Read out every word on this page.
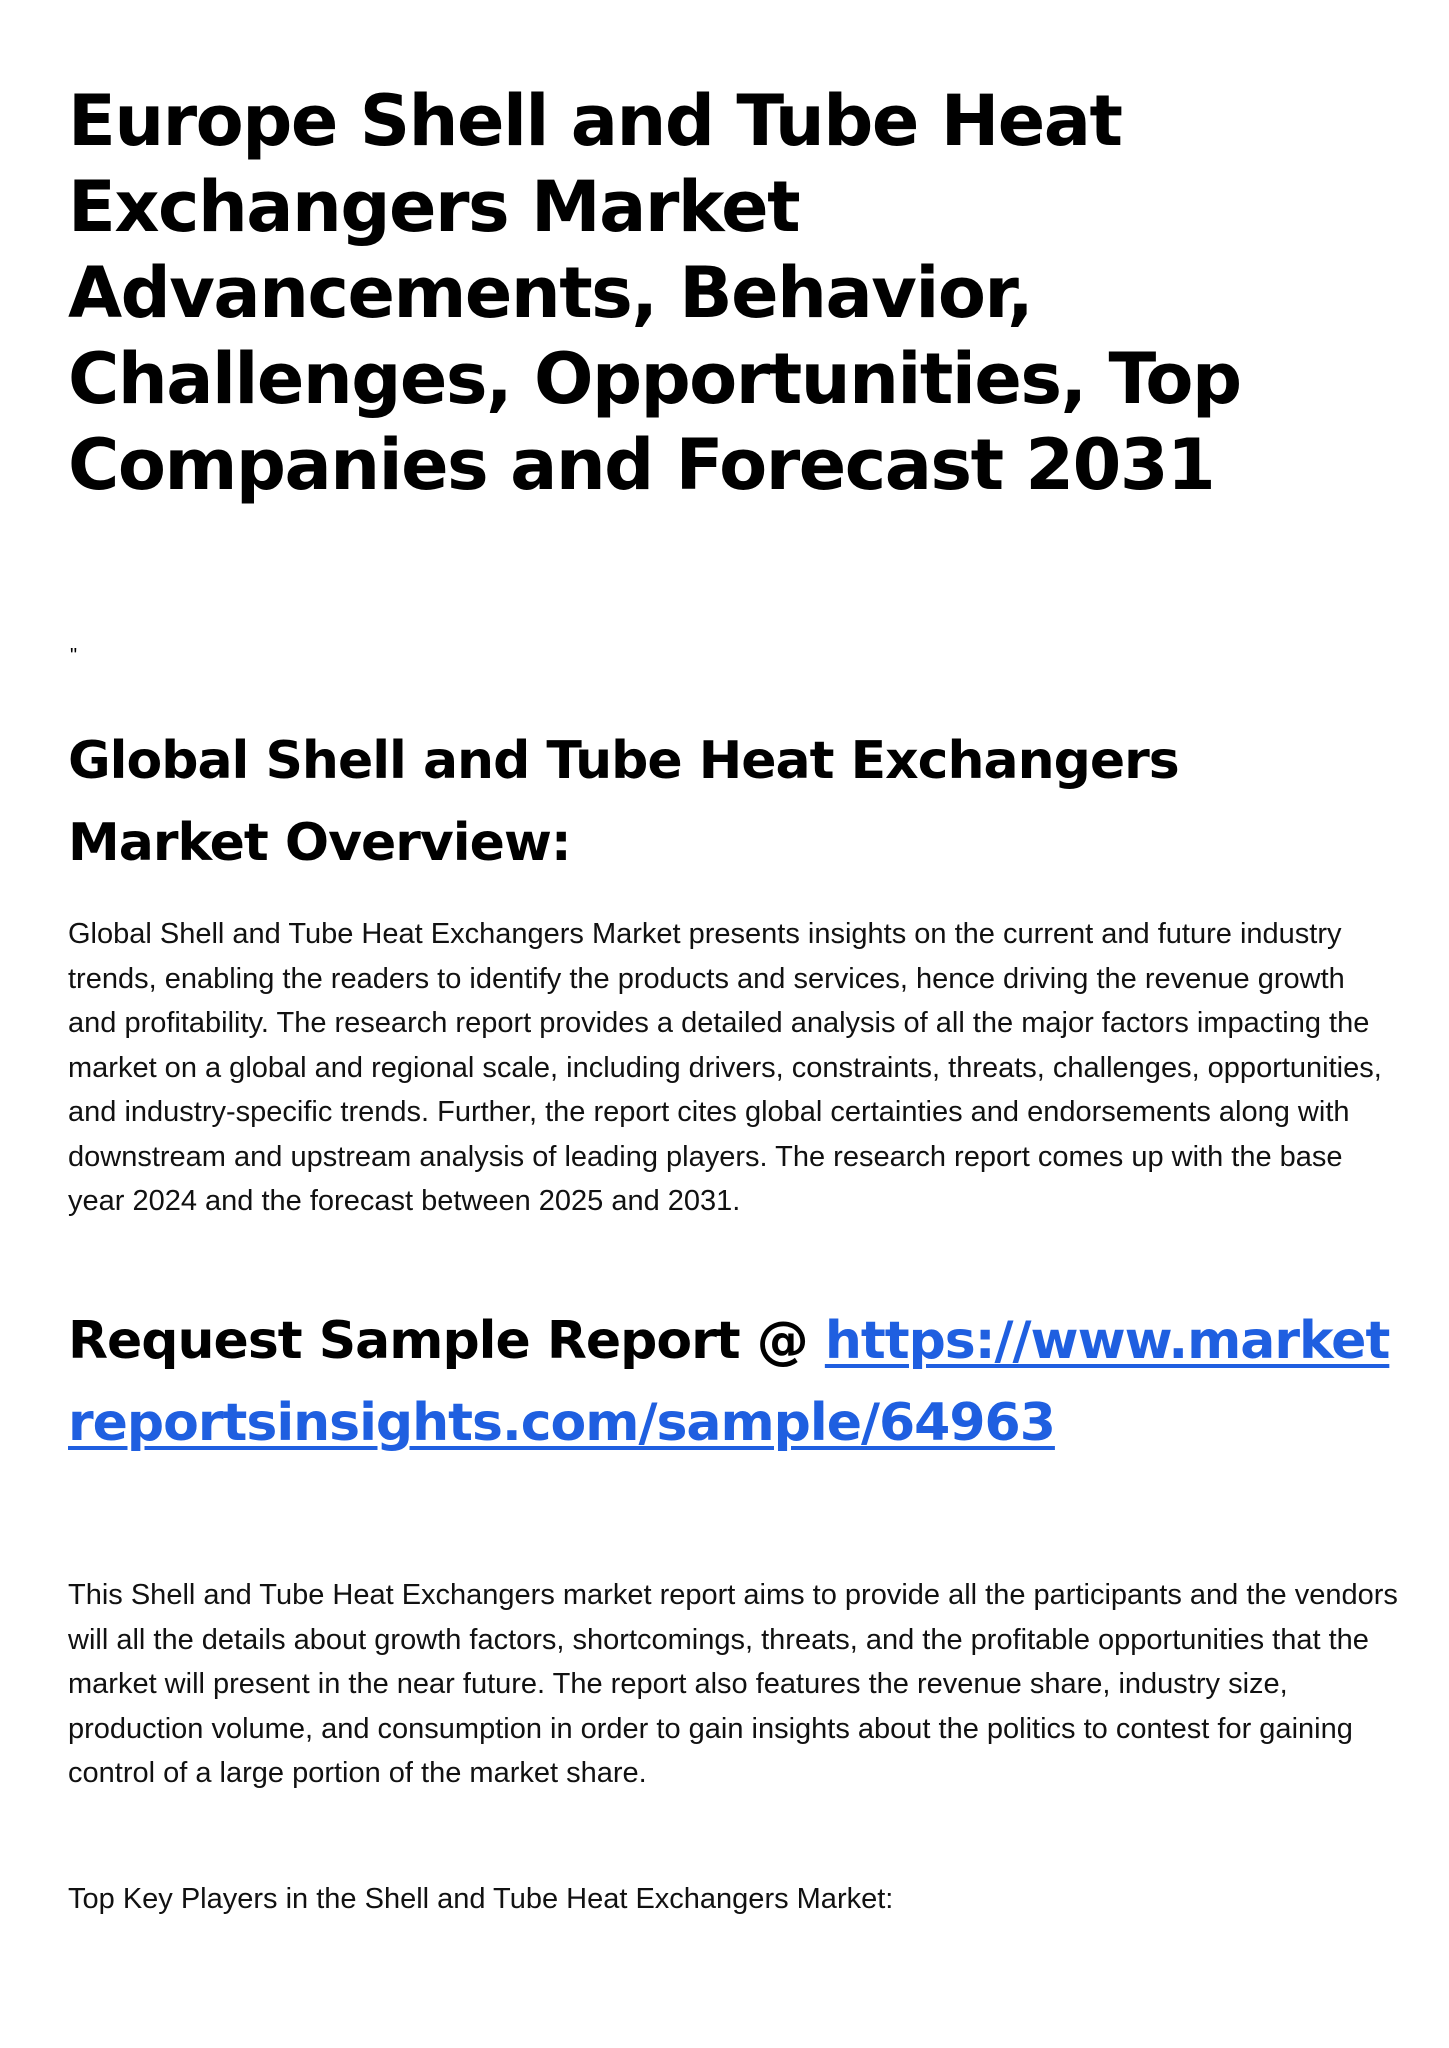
Europe Shell and Tube Heat Exchangers Market Advancements, Behavior, Challenges, Opportunities, Top Companies and Forecast 2031

"

Global Shell and Tube Heat Exchangers Market Overview:

Global Shell and Tube Heat Exchangers Market presents insights on the current and future industry trends, enabling the readers to identify the products and services, hence driving the revenue growth and profitability. The research report provides a detailed analysis of all the major factors impacting the market on a global and regional scale, including drivers, constraints, threats, challenges, opportunities, and industry-specific trends. Further, the report cites global certainties and endorsements along with downstream and upstream analysis of leading players. The research report comes up with the base year 2024 and the forecast between 2025 and 2031.

Request Sample Report @ https://www.marketreportsinsights.com/sample/64963

This Shell and Tube Heat Exchangers market report aims to provide all the participants and the vendors will all the details about growth factors, shortcomings, threats, and the profitable opportunities that the market will present in the near future. The report also features the revenue share, industry size, production volume, and consumption in order to gain insights about the politics to contest for gaining control of a large portion of the market share.

Top Key Players in the Shell and Tube Heat Exchangers Market:
